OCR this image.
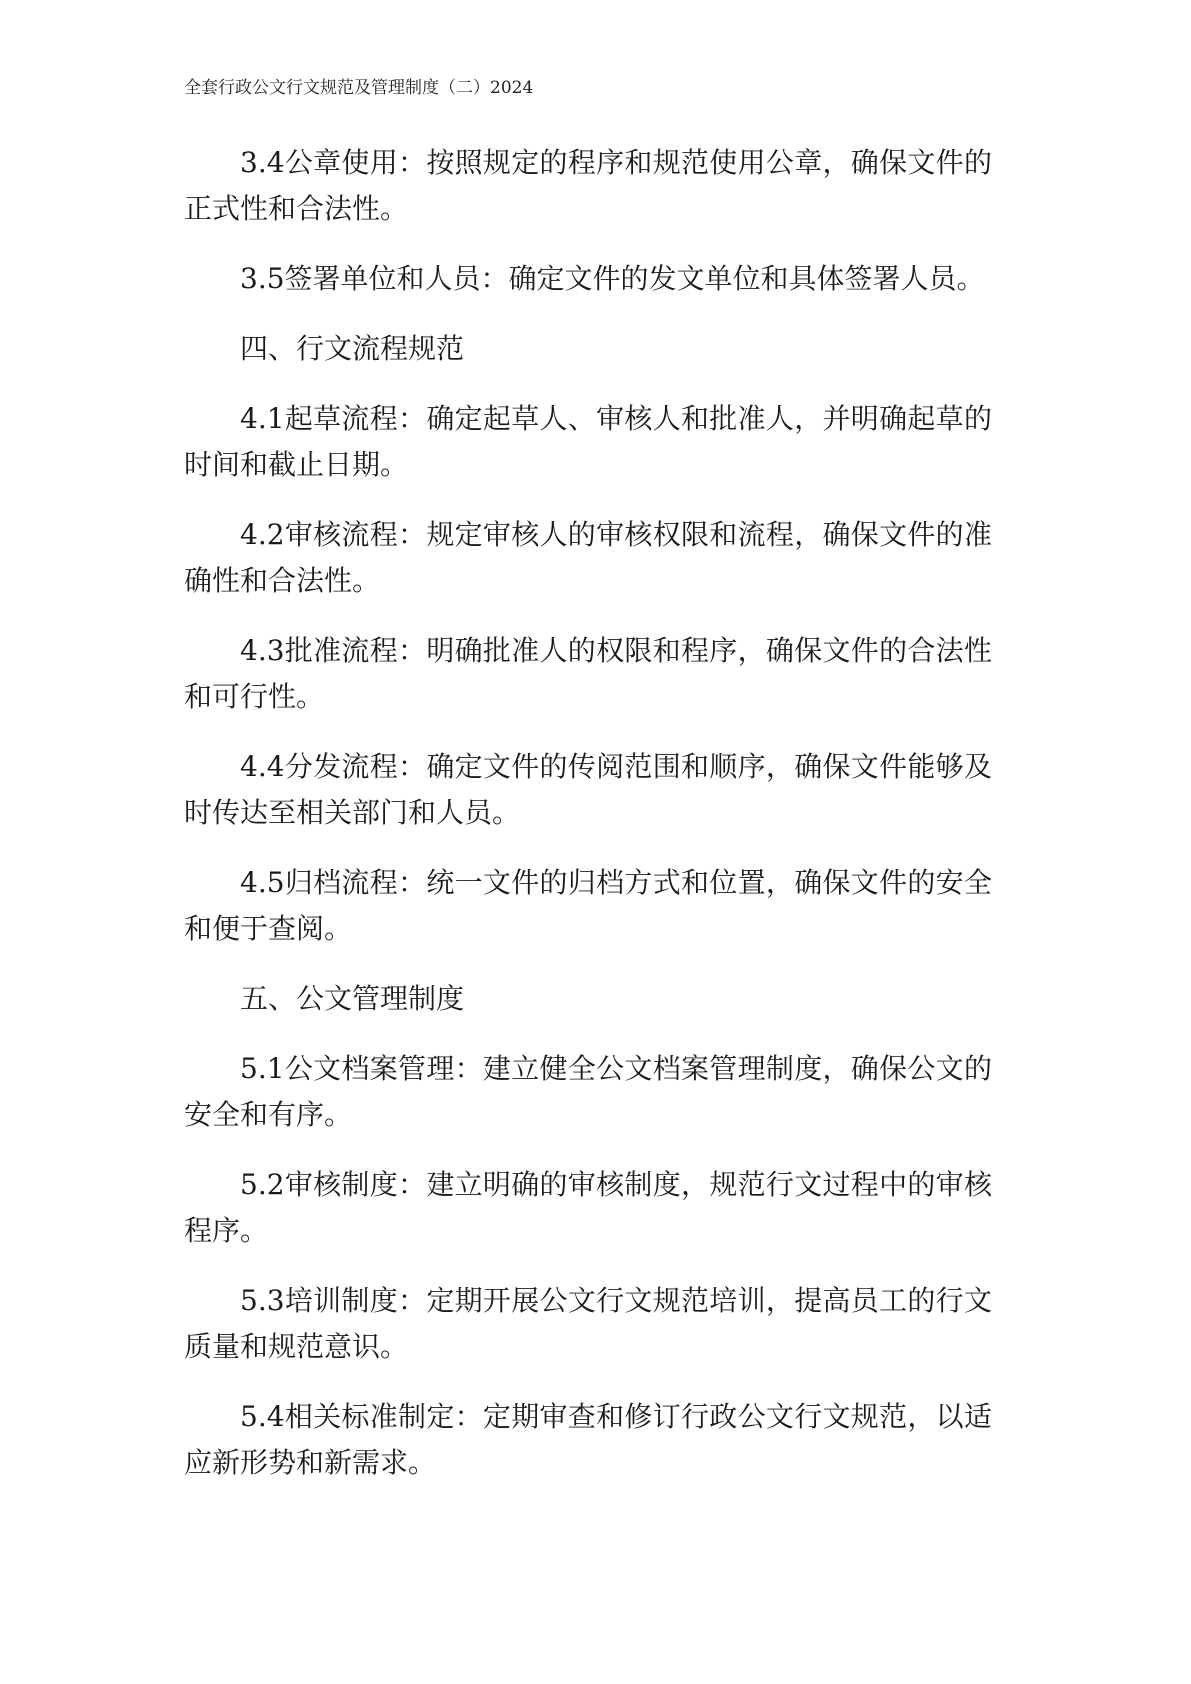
全套行政公文行文规范及管理制度（二）2024

3.4公章使用：按照规定的程序和规范使用公章，确保文件的正式性和合法性。

3.5签署单位和人员：确定文件的发文单位和具体签署人员。

四、行文流程规范

4.1起草流程：确定起草人、审核人和批准人，并明确起草的时间和截止日期。

4.2审核流程：规定审核人的审核权限和流程，确保文件的准确性和合法性。

4.3批准流程：明确批准人的权限和程序，确保文件的合法性和可行性。

4.4分发流程：确定文件的传阅范围和顺序，确保文件能够及时传达至相关部门和人员。

4.5归档流程：统一文件的归档方式和位置，确保文件的安全和便于查阅。

五、公文管理制度

5.1公文档案管理：建立健全公文档案管理制度，确保公文的安全和有序。

5.2审核制度：建立明确的审核制度，规范行文过程中的审核程序。

5.3培训制度：定期开展公文行文规范培训，提高员工的行文质量和规范意识。

5.4相关标准制定：定期审查和修订行政公文行文规范，以适应新形势和新需求。
